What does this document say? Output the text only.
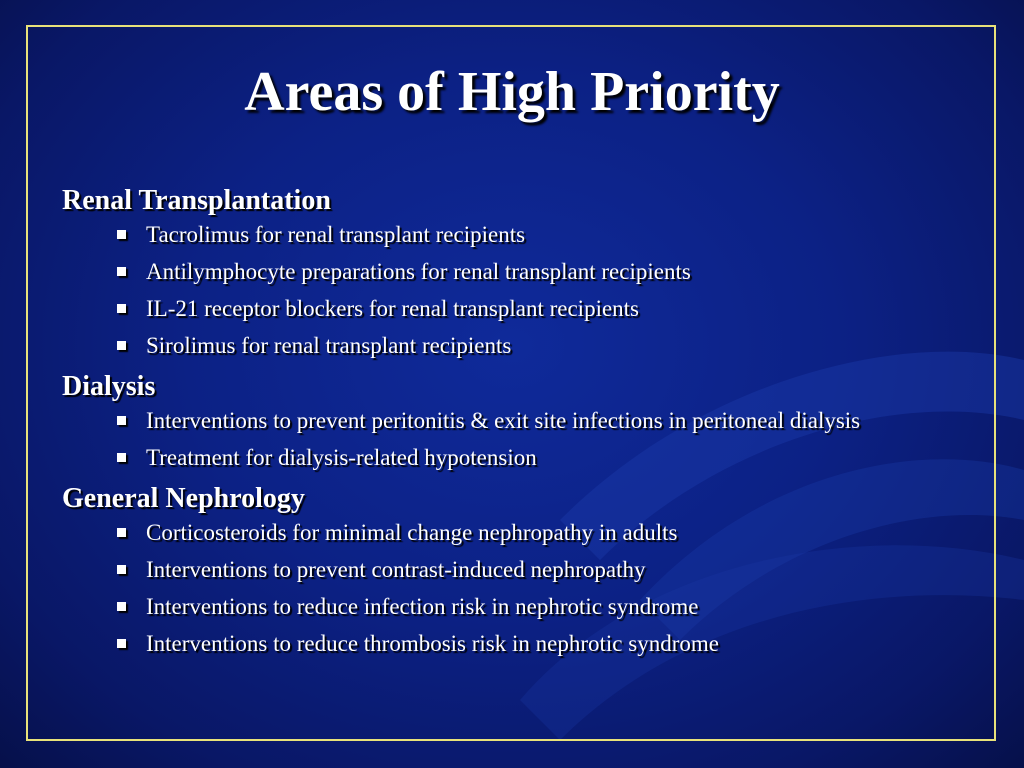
Areas of High Priority

Renal Transplantation

Tacrolimus for renal transplant recipients
Antilymphocyte preparations for renal transplant recipients
IL-21 receptor blockers for renal transplant recipients
Sirolimus for renal transplant recipients

Dialysis

Interventions to prevent peritonitis & exit site infections in peritoneal dialysis
Treatment for dialysis-related hypotension

General Nephrology

Corticosteroids for minimal change nephropathy in adults
Interventions to prevent contrast-induced nephropathy
Interventions to reduce infection risk in nephrotic syndrome
Interventions to reduce thrombosis risk in nephrotic syndrome
